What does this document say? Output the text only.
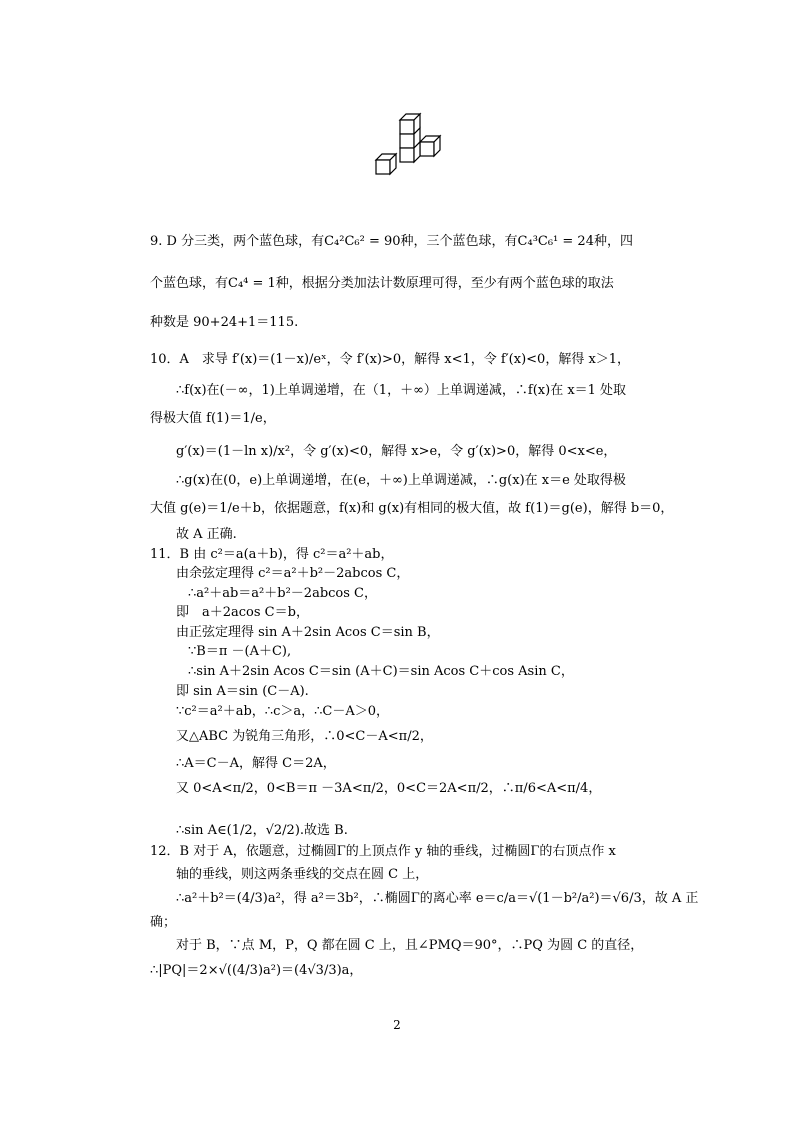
9. D 分三类，两个蓝色球，有C₄²C₆² = 90种，三个蓝色球，有C₄³C₆¹ = 24种，四
个蓝色球，有C₄⁴ = 1种，根据分类加法计数原理可得，至少有两个蓝色球的取法
种数是 90+24+1＝115.
10．A　求导 f′(x)＝(1－x)/eˣ，令 f′(x)>0，解得 x<1，令 f′(x)<0，解得 x＞1，
∴f(x)在(－∞，1)上单调递增，在（1，＋∞）上单调递减，∴f(x)在 x＝1 处取
得极大值 f(1)＝1/e，
g′(x)＝(1－ln x)/x²，令 g′(x)<0，解得 x>e，令 g′(x)>0，解得 0<x<e，
∴g(x)在(0，e)上单调递增，在(e，＋∞)上单调递减，∴g(x)在 x＝e 处取得极
大值 g(e)＝1/e＋b，依据题意，f(x)和 g(x)有相同的极大值，故 f(1)＝g(e)，解得 b＝0，
故 A 正确.
11．B 由 c²＝a(a＋b)，得 c²＝a²＋ab，
由余弦定理得 c²＝a²＋b²－2abcos C，
∴a²＋ab＝a²＋b²－2abcos C，
即　a＋2acos C＝b，
由正弦定理得 sin A＋2sin Acos C＝sin B，
∵B＝π －(A＋C),
∴sin A＋2sin Acos C＝sin (A＋C)＝sin Acos C＋cos Asin C，
即 sin A＝sin (C－A).
∵c²＝a²＋ab，∴c＞a，∴C－A＞0，
又△ABC 为锐角三角形，∴0<C－A<π/2，
∴A＝C－A，解得 C＝2A，
又 0<A<π/2，0<B＝π －3A<π/2，0<C＝2A<π/2，∴π/6<A<π/4，
∴sin A∈(1/2，√2/2).故选 B.
12．B 对于 A，依题意，过椭圆Γ的上顶点作 y 轴的垂线，过椭圆Γ的右顶点作 x
轴的垂线，则这两条垂线的交点在圆 C 上，
∴a²＋b²＝(4/3)a²，得 a²＝3b²，∴椭圆Γ的离心率 e＝c/a＝√(1－b²/a²)＝√6/3，故 A 正
确；
对于 B，∵点 M，P，Q 都在圆 C 上，且∠PMQ＝90°，∴PQ 为圆 C 的直径，
∴|PQ|＝2×√((4/3)a²)＝(4√3/3)a，
2
